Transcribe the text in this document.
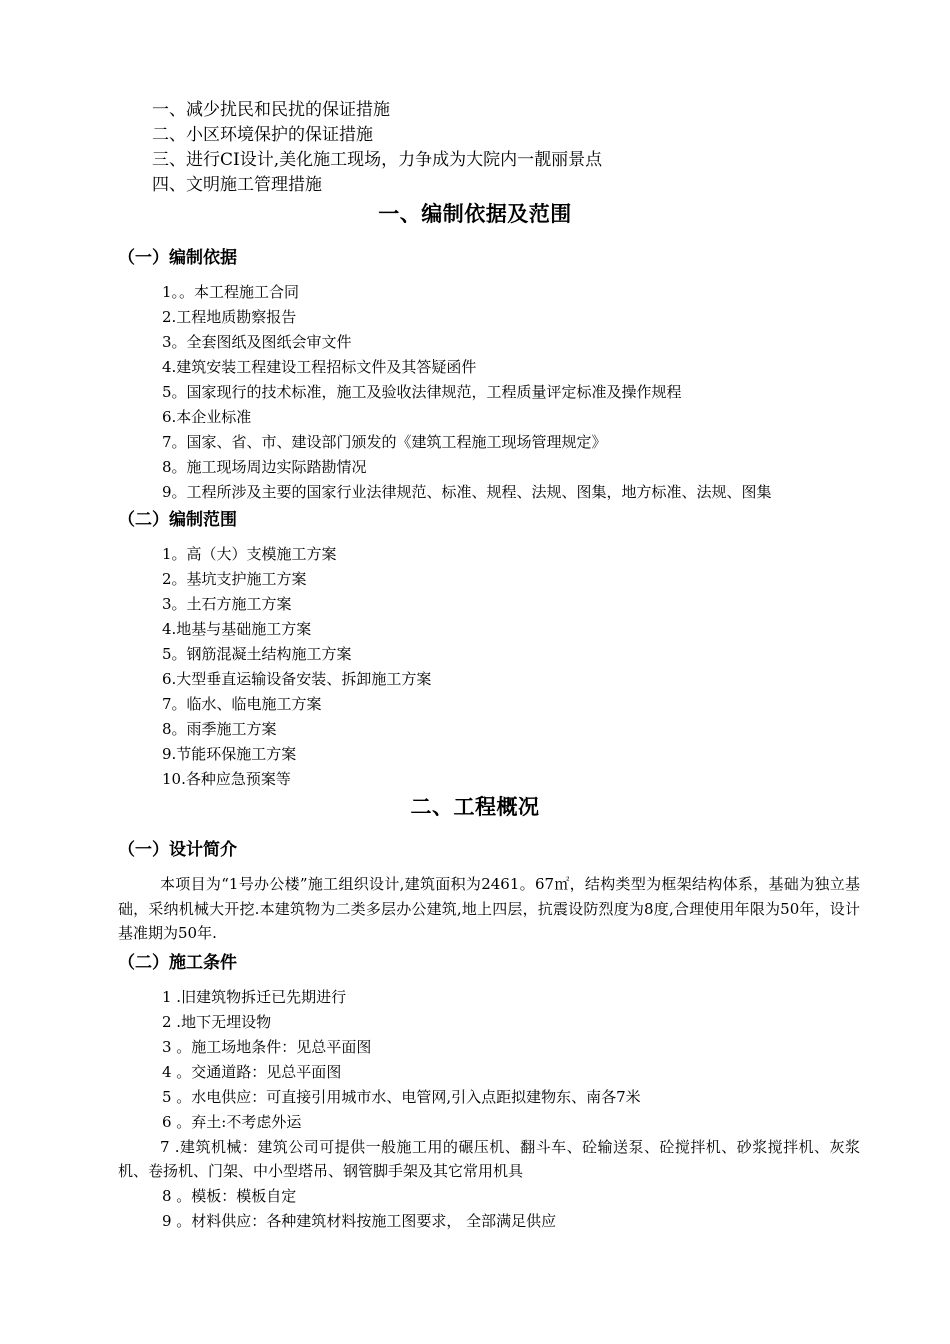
一、减少扰民和民扰的保证措施
二、小区环境保护的保证措施
三、进行CI设计,美化施工现场，力争成为大院内一靓丽景点
四、文明施工管理措施
一、编制依据及范围
（一）编制依据
1。。本工程施工合同
2.工程地质勘察报告
3。全套图纸及图纸会审文件
4.建筑安装工程建设工程招标文件及其答疑函件
5。国家现行的技术标准，施工及验收法律规范，工程质量评定标准及操作规程
6.本企业标准
7。国家、省、市、建设部门颁发的《建筑工程施工现场管理规定》
8。施工现场周边实际踏勘情况
9。工程所涉及主要的国家行业法律规范、标准、规程、法规、图集，地方标准、法规、图集
（二）编制范围
1。高（大）支模施工方案
2。基坑支护施工方案
3。土石方施工方案
4.地基与基础施工方案
5。钢筋混凝土结构施工方案
6.大型垂直运输设备安装、拆卸施工方案
7。临水、临电施工方案
8。雨季施工方案
9.节能环保施工方案
10.各种应急预案等
二、工程概况
（一）设计简介
本项目为“1号办公楼”施工组织设计,建筑面积为2461。67㎡，结构类型为框架结构体系，基础为独立基础，采纳机械大开挖.本建筑物为二类多层办公建筑,地上四层，抗震设防烈度为8度,合理使用年限为50年，设计基准期为50年.
（二）施工条件
1 .旧建筑物拆迁已先期进行
2 .地下无埋设物
3 。施工场地条件：见总平面图
4 。交通道路：见总平面图
5 。水电供应：可直接引用城市水、电管网,引入点距拟建物东、南各7米
6 。弃土:不考虑外运
7 .建筑机械：建筑公司可提供一般施工用的碾压机、翻斗车、砼输送泵、砼搅拌机、砂浆搅拌机、灰浆机、卷扬机、门架、中小型塔吊、钢管脚手架及其它常用机具
8 。模板：模板自定
9 。材料供应：各种建筑材料按施工图要求， 全部满足供应
